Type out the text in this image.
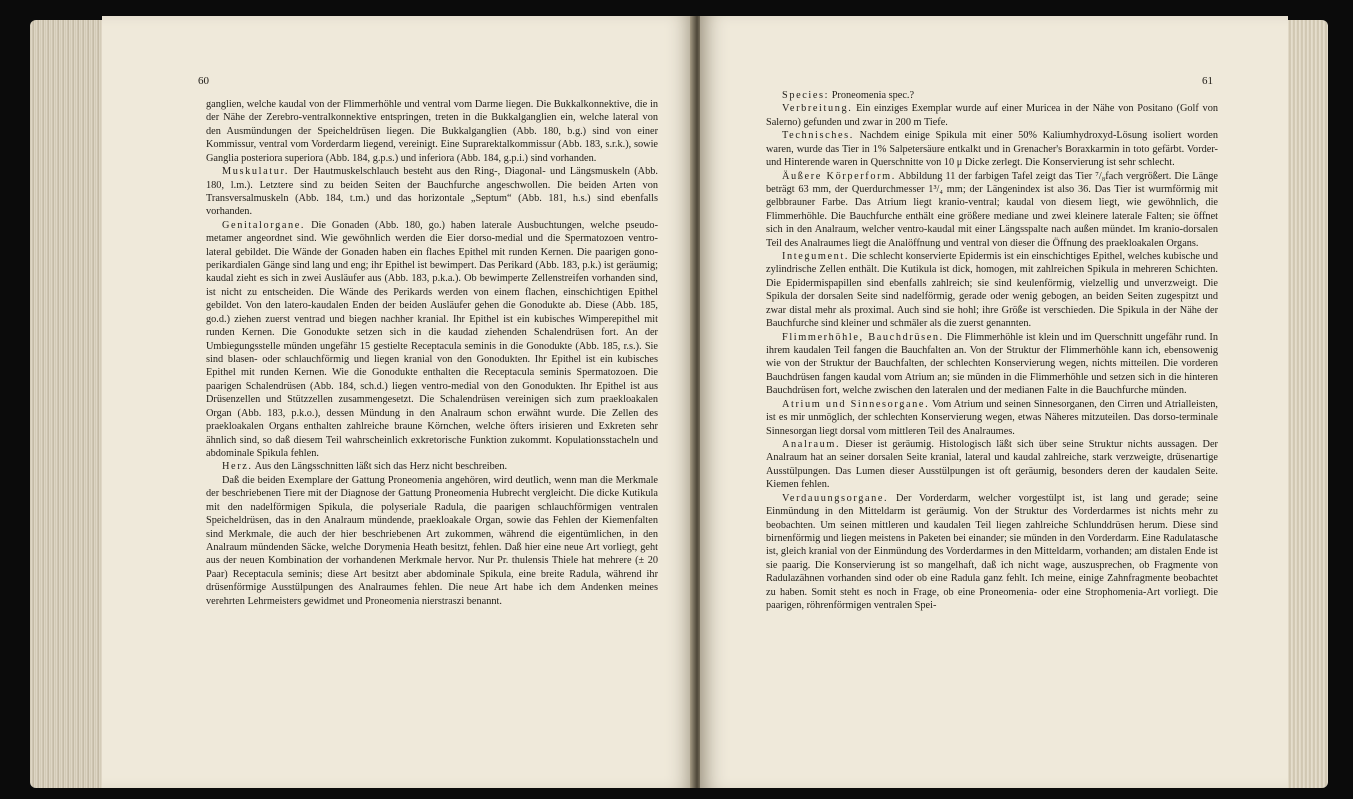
60

ganglien, welche kaudal von der Flimmerhöhle und ventral vom Darme liegen. Die Bukkalkonnektive, die in der Nähe der Zerebro-ventralkonnektive entspringen, treten in die Bukkalganglien ein, welche lateral von den Ausmündungen der Speicheldrüsen liegen. Die Bukkalganglien (Abb. 180, b.g.) sind von einer Kommissur, ventral vom Vorderdarm liegend, vereinigt. Eine Suprarektalkommissur (Abb. 183, s.r.k.), sowie Ganglia posteriora superiora (Abb. 184, g.p.s.) und inferiora (Abb. 184, g.p.i.) sind vorhanden.

Muskulatur. Der Hautmuskelschlauch besteht aus den Ring-, Diagonal- und Längsmuskeln (Abb. 180, l.m.). Letztere sind zu beiden Seiten der Bauchfurche angeschwollen. Die beiden Arten von Transversalmuskeln (Abb. 184, t.m.) und das horizontale „Septum“ (Abb. 181, h.s.) sind ebenfalls vorhanden.

Genitalorgane. Die Gonaden (Abb. 180, go.) haben laterale Ausbuchtungen, welche pseudo-metamer angeordnet sind. Wie gewöhnlich werden die Eier dorso-medial und die Spermatozoen ventro-lateral gebildet. Die Wände der Gonaden haben ein flaches Epithel mit runden Kernen. Die paarigen gono-perikardialen Gänge sind lang und eng; ihr Epithel ist bewimpert. Das Perikard (Abb. 183, p.k.) ist geräumig; kaudal zieht es sich in zwei Ausläufer aus (Abb. 183, p.k.a.). Ob bewimperte Zellenstreifen vorhanden sind, ist nicht zu entscheiden. Die Wände des Perikards werden von einem flachen, einschichtigen Epithel gebildet. Von den latero-kaudalen Enden der beiden Ausläufer gehen die Gonodukte ab. Diese (Abb. 185, go.d.) ziehen zuerst ventrad und biegen nachher kranial. Ihr Epithel ist ein kubisches Wimperepithel mit runden Kernen. Die Gonodukte setzen sich in die kaudad ziehenden Schalendrüsen fort. An der Umbiegungsstelle münden ungefähr 15 gestielte Receptacula seminis in die Gonodukte (Abb. 185, r.s.). Sie sind blasen- oder schlauchförmig und liegen kranial von den Gonodukten. Ihr Epithel ist ein kubisches Epithel mit runden Kernen. Wie die Gonodukte enthalten die Receptacula seminis Spermatozoen. Die paarigen Schalendrüsen (Abb. 184, sch.d.) liegen ventro-medial von den Gonodukten. Ihr Epithel ist aus Drüsenzellen und Stützzellen zusammengesetzt. Die Schalendrüsen vereinigen sich zum praekloakalen Organ (Abb. 183, p.k.o.), dessen Mündung in den Analraum schon erwähnt wurde. Die Zellen des praekloakalen Organs enthalten zahlreiche braune Körnchen, welche öfters irisieren und Exkreten sehr ähnlich sind, so daß diesem Teil wahrscheinlich exkretorische Funktion zukommt. Kopulationsstacheln und abdominale Spikula fehlen.

Herz. Aus den Längsschnitten läßt sich das Herz nicht beschreiben.

Daß die beiden Exemplare der Gattung Proneomenia angehören, wird deutlich, wenn man die Merkmale der beschriebenen Tiere mit der Diagnose der Gattung Proneomenia Hubrecht vergleicht. Die dicke Kutikula mit den nadelförmigen Spikula, die polyseriale Radula, die paarigen schlauchförmigen ventralen Speicheldrüsen, das in den Analraum mündende, praekloakale Organ, sowie das Fehlen der Kiemenfalten sind Merkmale, die auch der hier beschriebenen Art zukommen, während die eigentümlichen, in den Analraum mündenden Säcke, welche Dorymenia Heath besitzt, fehlen. Daß hier eine neue Art vorliegt, geht aus der neuen Kombination der vorhandenen Merkmale hervor. Nur Pr. thulensis Thiele hat mehrere (± 20 Paar) Receptacula seminis; diese Art besitzt aber abdominale Spikula, eine breite Radula, während ihr drüsenförmige Ausstülpungen des Analraumes fehlen. Die neue Art habe ich dem Andenken meines verehrten Lehrmeisters gewidmet und Proneomenia nierstraszi benannt.

61

Species: Proneomenia spec.?

Verbreitung. Ein einziges Exemplar wurde auf einer Muricea in der Nähe von Positano (Golf von Salerno) gefunden und zwar in 200 m Tiefe.

Technisches. Nachdem einige Spikula mit einer 50% Kaliumhydroxyd-Lösung isoliert worden waren, wurde das Tier in 1% Salpetersäure entkalkt und in Grenacher's Boraxkarmin in toto gefärbt. Vorder- und Hinterende waren in Querschnitte von 10 μ Dicke zerlegt. Die Konservierung ist sehr schlecht.

Äußere Körperform. Abbildung 11 der farbigen Tafel zeigt das Tier ⁷/₈fach vergrößert. Die Länge beträgt 63 mm, der Querdurchmesser 1³/₄ mm; der Längenindex ist also 36. Das Tier ist wurmförmig mit gelbbrauner Farbe. Das Atrium liegt kranio-ventral; kaudal von diesem liegt, wie gewöhnlich, die Flimmerhöhle. Die Bauchfurche enthält eine größere mediane und zwei kleinere laterale Falten; sie öffnet sich in den Analraum, welcher ventro-kaudal mit einer Längsspalte nach außen mündet. Im kranio-dorsalen Teil des Analraumes liegt die Analöffnung und ventral von dieser die Öffnung des praekloakalen Organs.

Integument. Die schlecht konservierte Epidermis ist ein einschichtiges Epithel, welches kubische und zylindrische Zellen enthält. Die Kutikula ist dick, homogen, mit zahlreichen Spikula in mehreren Schichten. Die Epidermispapillen sind ebenfalls zahlreich; sie sind keulenförmig, vielzellig und unverzweigt. Die Spikula der dorsalen Seite sind nadelförmig, gerade oder wenig gebogen, an beiden Seiten zugespitzt und zwar distal mehr als proximal. Auch sind sie hohl; ihre Größe ist verschieden. Die Spikula in der Nähe der Bauchfurche sind kleiner und schmäler als die zuerst genannten.

Flimmerhöhle, Bauchdrüsen. Die Flimmerhöhle ist klein und im Querschnitt ungefähr rund. In ihrem kaudalen Teil fangen die Bauchfalten an. Von der Struktur der Flimmerhöhle kann ich, ebensowenig wie von der Struktur der Bauchfalten, der schlechten Konservierung wegen, nichts mitteilen. Die vorderen Bauchdrüsen fangen kaudal vom Atrium an; sie münden in die Flimmerhöhle und setzen sich in die hinteren Bauchdrüsen fort, welche zwischen den lateralen und der medianen Falte in die Bauchfurche münden.

Atrium und Sinnesorgane. Vom Atrium und seinen Sinnesorganen, den Cirren und Atrialleisten, ist es mir unmöglich, der schlechten Konservierung wegen, etwas Näheres mitzuteilen. Das dorso-terminale Sinnesorgan liegt dorsal vom mittleren Teil des Analraumes.

Analraum. Dieser ist geräumig. Histologisch läßt sich über seine Struktur nichts aussagen. Der Analraum hat an seiner dorsalen Seite kranial, lateral und kaudal zahlreiche, stark verzweigte, drüsenartige Ausstülpungen. Das Lumen dieser Ausstülpungen ist oft geräumig, besonders deren der kaudalen Seite. Kiemen fehlen.

Verdauungsorgane. Der Vorderdarm, welcher vorgestülpt ist, ist lang und gerade; seine Einmündung in den Mitteldarm ist geräumig. Von der Struktur des Vorderdarmes ist nichts mehr zu beobachten. Um seinen mittleren und kaudalen Teil liegen zahlreiche Schlunddrüsen herum. Diese sind birnenförmig und liegen meistens in Paketen bei einander; sie münden in den Vorderdarm. Eine Radulatasche ist, gleich kranial von der Einmündung des Vorderdarmes in den Mitteldarm, vorhanden; am distalen Ende ist sie paarig. Die Konservierung ist so mangelhaft, daß ich nicht wage, auszusprechen, ob Fragmente von Radulazähnen vorhanden sind oder ob eine Radula ganz fehlt. Ich meine, einige Zahnfragmente beobachtet zu haben. Somit steht es noch in Frage, ob eine Proneomenia- oder eine Strophomenia-Art vorliegt. Die paarigen, röhrenförmigen ventralen Spei-
